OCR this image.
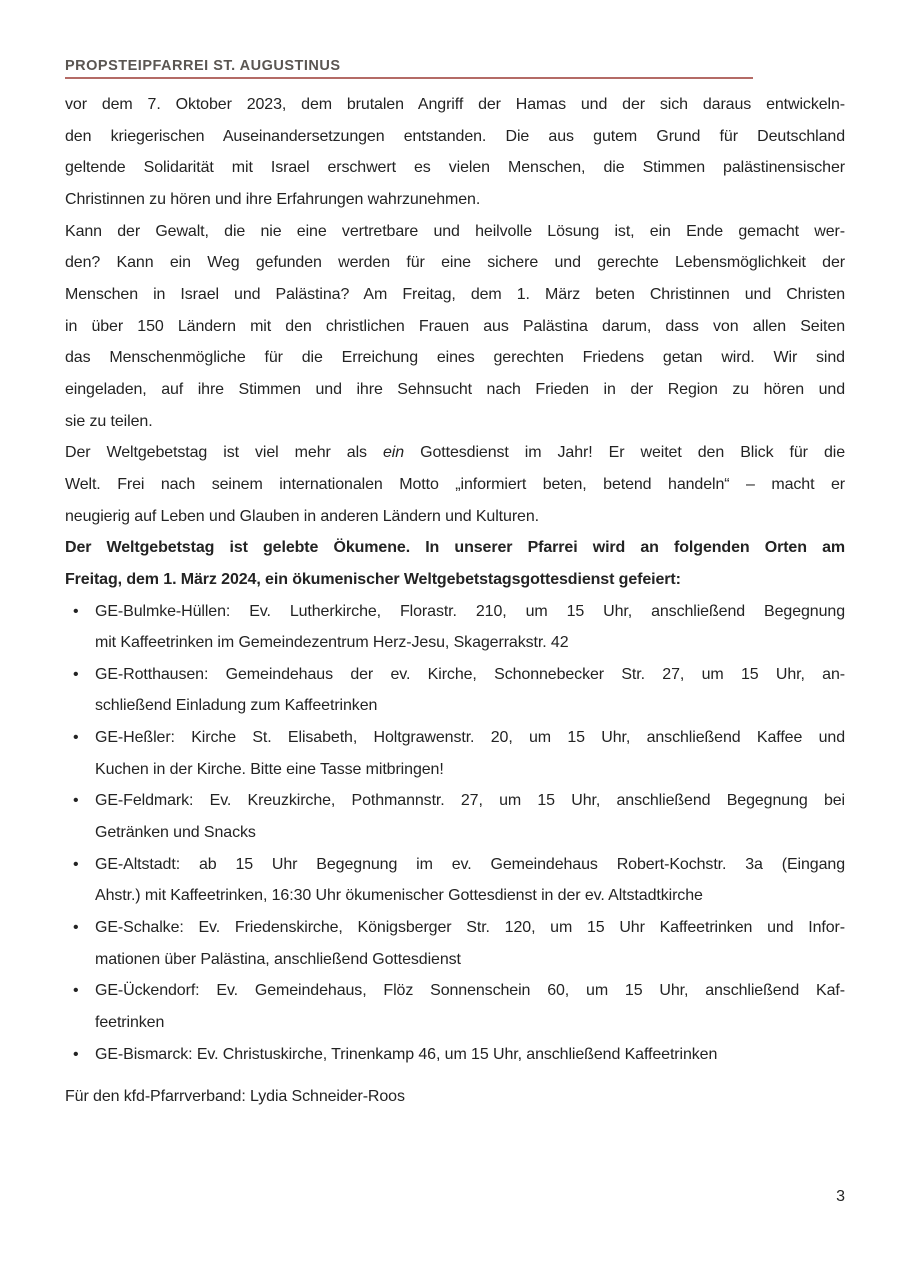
PROPSTEIPFARREI ST. AUGUSTINUS
vor dem 7. Oktober 2023, dem brutalen Angriff der Hamas und der sich daraus entwickeln-
den kriegerischen Auseinandersetzungen entstanden. Die aus gutem Grund für Deutschland
geltende Solidarität mit Israel erschwert es vielen Menschen, die Stimmen palästinensischer
Christinnen zu hören und ihre Erfahrungen wahrzunehmen.
Kann der Gewalt, die nie eine vertretbare und heilvolle Lösung ist, ein Ende gemacht wer-
den? Kann ein Weg gefunden werden für eine sichere und gerechte Lebensmöglichkeit der
Menschen in Israel und Palästina? Am Freitag, dem 1. März beten Christinnen und Christen
in über 150 Ländern mit den christlichen Frauen aus Palästina darum, dass von allen Seiten
das Menschenmögliche für die Erreichung eines gerechten Friedens getan wird. Wir sind
eingeladen, auf ihre Stimmen und ihre Sehnsucht nach Frieden in der Region zu hören und
sie zu teilen.
Der Weltgebetstag ist viel mehr als ein Gottesdienst im Jahr! Er weitet den Blick für die
Welt. Frei nach seinem internationalen Motto „informiert beten, betend handeln“ – macht er
neugierig auf Leben und Glauben in anderen Ländern und Kulturen.
Der Weltgebetstag ist gelebte Ökumene. In unserer Pfarrei wird an folgenden Orten am
Freitag, dem 1. März 2024, ein ökumenischer Weltgebetstagsgottesdienst gefeiert:
• GE-Bulmke-Hüllen: Ev. Lutherkirche, Florastr. 210, um 15 Uhr, anschließend Begegnung
mit Kaffeetrinken im Gemeindezentrum Herz-Jesu, Skagerrakstr. 42
• GE-Rotthausen: Gemeindehaus der ev. Kirche, Schonnebecker Str. 27, um 15 Uhr, an-
schließend Einladung zum Kaffeetrinken
• GE-Heßler: Kirche St. Elisabeth, Holtgrawenstr. 20, um 15 Uhr, anschließend Kaffee und
Kuchen in der Kirche. Bitte eine Tasse mitbringen!
• GE-Feldmark: Ev. Kreuzkirche, Pothmannstr. 27, um 15 Uhr, anschließend Begegnung bei
Getränken und Snacks
• GE-Altstadt: ab 15 Uhr Begegnung im ev. Gemeindehaus Robert-Kochstr. 3a (Eingang
Ahstr.) mit Kaffeetrinken, 16:30 Uhr ökumenischer Gottesdienst in der ev. Altstadtkirche
• GE-Schalke: Ev. Friedenskirche, Königsberger Str. 120, um 15 Uhr Kaffeetrinken und Infor-
mationen über Palästina, anschließend Gottesdienst
• GE-Ückendorf: Ev. Gemeindehaus, Flöz Sonnenschein 60, um 15 Uhr, anschließend Kaf-
feetrinken
• GE-Bismarck: Ev. Christuskirche, Trinenkamp 46, um 15 Uhr, anschließend Kaffeetrinken
Für den kfd-Pfarrverband: Lydia Schneider-Roos
3
